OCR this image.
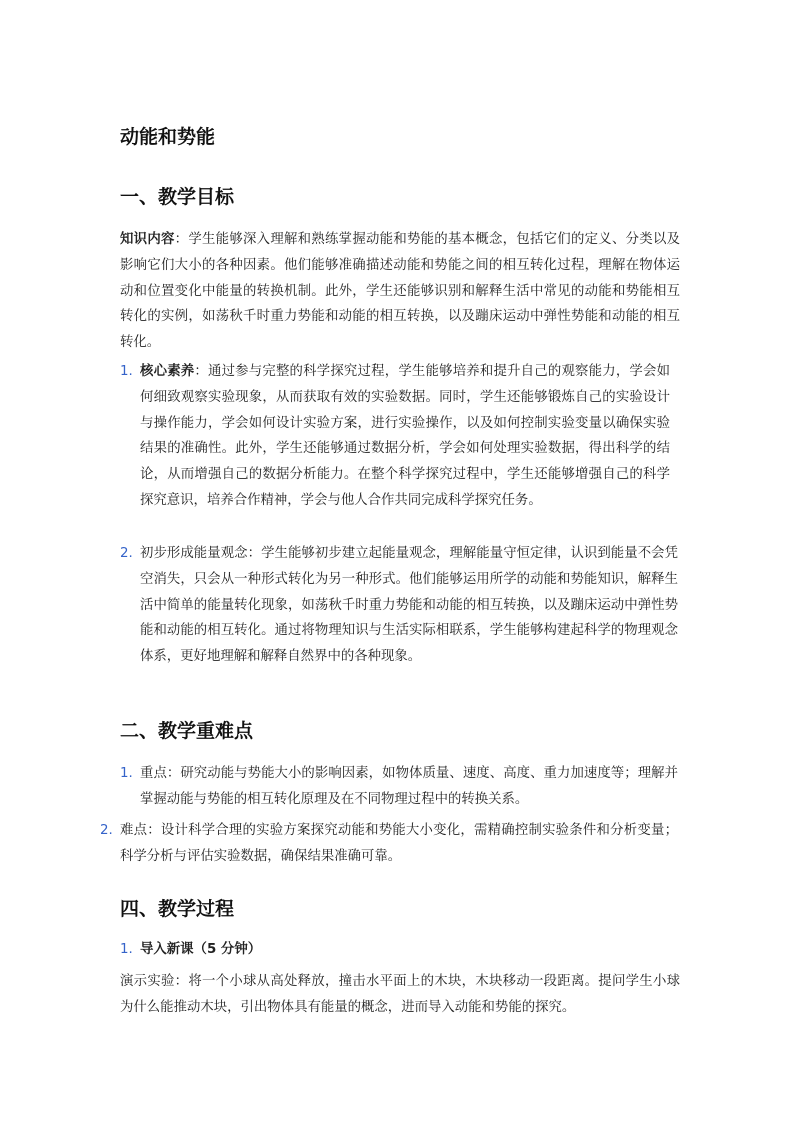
动能和势能
一、教学目标

知识内容：学生能够深入理解和熟练掌握动能和势能的基本概念，包括它们的定义、分类以及影响它们大小的各种因素。他们能够准确描述动能和势能之间的相互转化过程，理解在物体运动和位置变化中能量的转换机制。此外，学生还能够识别和解释生活中常见的动能和势能相互转化的实例，如荡秋千时重力势能和动能的相互转换，以及蹦床运动中弹性势能和动能的相互转化。

1. 核心素养：通过参与完整的科学探究过程，学生能够培养和提升自己的观察能力，学会如何细致观察实验现象，从而获取有效的实验数据。同时，学生还能够锻炼自己的实验设计与操作能力，学会如何设计实验方案，进行实验操作，以及如何控制实验变量以确保实验结果的准确性。此外，学生还能够通过数据分析，学会如何处理实验数据，得出科学的结论，从而增强自己的数据分析能力。在整个科学探究过程中，学生还能够增强自己的科学探究意识，培养合作精神，学会与他人合作共同完成科学探究任务。
2. 初步形成能量观念：学生能够初步建立起能量观念，理解能量守恒定律，认识到能量不会凭空消失，只会从一种形式转化为另一种形式。他们能够运用所学的动能和势能知识，解释生活中简单的能量转化现象，如荡秋千时重力势能和动能的相互转换，以及蹦床运动中弹性势能和动能的相互转化。通过将物理知识与生活实际相联系，学生能够构建起科学的物理观念体系，更好地理解和解释自然界中的各种现象。
二、教学重难点
1. 重点：研究动能与势能大小的影响因素，如物体质量、速度、高度、重力加速度等；理解并掌握动能与势能的相互转化原理及在不同物理过程中的转换关系。
2. 难点：设计科学合理的实验方案探究动能和势能大小变化，需精确控制实验条件和分析变量；科学分析与评估实验数据，确保结果准确可靠。
四、教学过程
1. 导入新课（5 分钟）

演示实验：将一个小球从高处释放，撞击水平面上的木块，木块移动一段距离。提问学生小球为什么能推动木块，引出物体具有能量的概念，进而导入动能和势能的探究。
